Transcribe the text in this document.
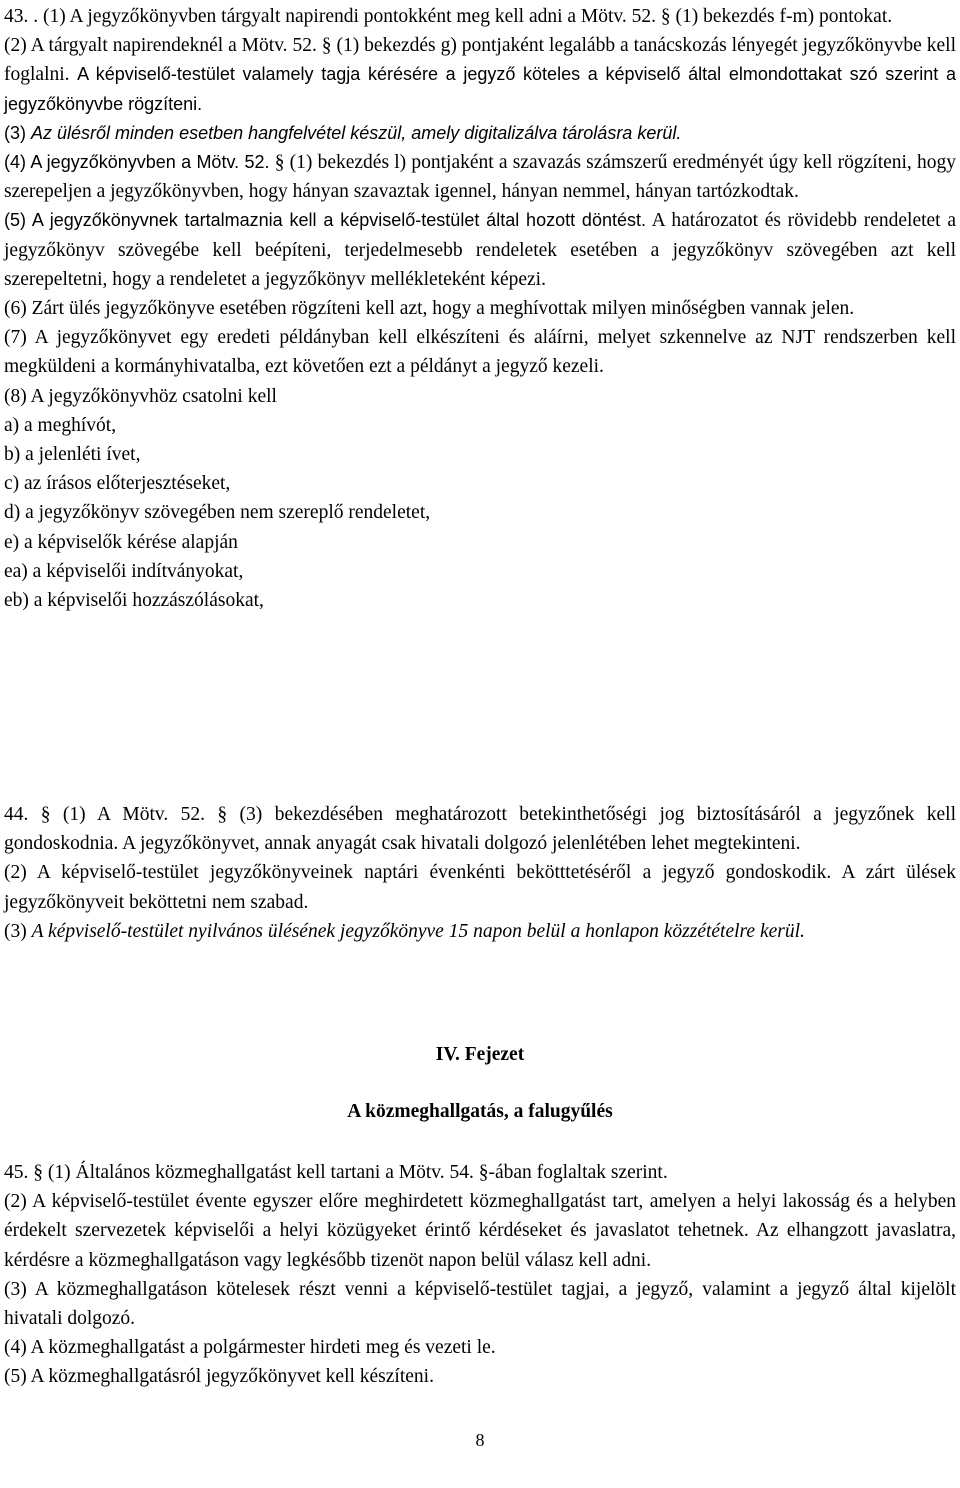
43. . (1) A jegyzőkönyvben tárgyalt napirendi pontokként meg kell adni a Mötv. 52. § (1) bekezdés f-m) pontokat.

(2) A tárgyalt napirendeknél a Mötv. 52. § (1) bekezdés g) pontjaként legalább a tanácskozás lényegét jegyzőkönyvbe kell foglalni. A képviselő-testület valamely tagja kérésére a jegyző köteles a képviselő által elmondottakat szó szerint a jegyzőkönyvbe rögzíteni.

(3) Az ülésről minden esetben hangfelvétel készül, amely digitalizálva tárolásra kerül.

(4) A jegyzőkönyvben a Mötv. 52. § (1) bekezdés l) pontjaként a szavazás számszerű eredményét úgy kell rögzíteni, hogy szerepeljen a jegyzőkönyvben, hogy hányan szavaztak igennel, hányan nemmel, hányan tartózkodtak.

(5) A jegyzőkönyvnek tartalmaznia kell a képviselő-testület által hozott döntést. A határozatot és rövidebb rendeletet a jegyzőkönyv szövegébe kell beépíteni, terjedelmesebb rendeletek esetében a jegyzőkönyv szövegében azt kell szerepeltetni, hogy a rendeletet a jegyzőkönyv mellékleteként képezi.

(6) Zárt ülés jegyzőkönyve esetében rögzíteni kell azt, hogy a meghívottak milyen minőségben vannak jelen.

(7) A jegyzőkönyvet egy eredeti példányban kell elkészíteni és aláírni, melyet szkennelve az NJT rendszerben kell megküldeni a kormányhivatalba, ezt követően ezt a példányt a jegyző kezeli.

(8) A jegyzőkönyvhöz csatolni kell

a) a meghívót,

b) a jelenléti ívet,

c) az írásos előterjesztéseket,

d) a jegyzőkönyv szövegében nem szereplő rendeletet,

e) a képviselők kérése alapján

ea) a képviselői indítványokat,

eb) a képviselői hozzászólásokat,

44. § (1) A Mötv. 52. § (3) bekezdésében meghatározott betekinthetőségi jog biztosításáról a jegyzőnek kell gondoskodnia. A jegyzőkönyvet, annak anyagát csak hivatali dolgozó jelenlétében lehet megtekinteni.

(2) A képviselő-testület jegyzőkönyveinek naptári évenkénti bekötttetéséről a jegyző gondoskodik. A zárt ülések jegyzőkönyveit beköttetni nem szabad.

(3) A képviselő-testület nyilvános ülésének jegyzőkönyve 15 napon belül a honlapon közzétételre kerül.

IV. Fejezet

A közmeghallgatás, a falugyűlés

45. § (1) Általános közmeghallgatást kell tartani a Mötv. 54. §-ában foglaltak szerint.

(2) A képviselő-testület évente egyszer előre meghirdetett közmeghallgatást tart, amelyen a helyi lakosság és a helyben érdekelt szervezetek képviselői a helyi közügyeket érintő kérdéseket és javaslatot tehetnek. Az elhangzott javaslatra, kérdésre a közmeghallgatáson vagy legkésőbb tizenöt napon belül válasz kell adni.

(3) A közmeghallgatáson kötelesek részt venni a képviselő-testület tagjai, a jegyző, valamint a jegyző által kijelölt hivatali dolgozó.

(4) A közmeghallgatást a polgármester hirdeti meg és vezeti le.

(5) A közmeghallgatásról jegyzőkönyvet kell készíteni.

8
